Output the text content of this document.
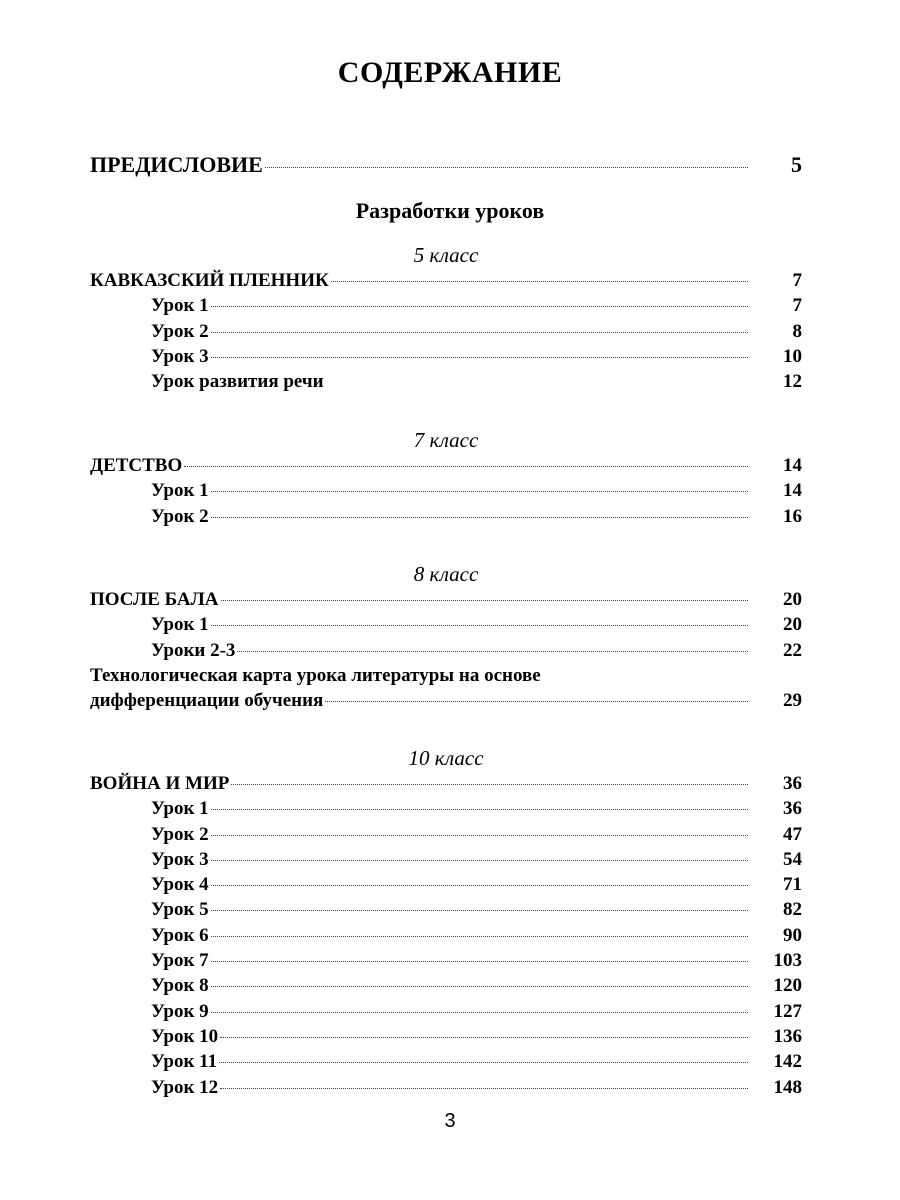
СОДЕРЖАНИЕ
ПРЕДИСЛОВИЕ	5
Разработки уроков
5 класс
КАВКАЗСКИЙ ПЛЕННИК	7
Урок 1	7
Урок 2	8
Урок 3	10
Урок развития речи	12
7 класс
ДЕТСТВО	14
Урок 1	14
Урок 2	16
8 класс
ПОСЛЕ БАЛА	20
Урок 1	20
Уроки 2-3	22
Технологическая карта урока литературы на основе
дифференциации обучения	29
10 класс
ВОЙНА И МИР	36
Урок 1	36
Урок 2	47
Урок 3	54
Урок 4	71
Урок 5	82
Урок 6	90
Урок 7	103
Урок 8	120
Урок 9	127
Урок 10	136
Урок 11	142
Урок 12	148
3
